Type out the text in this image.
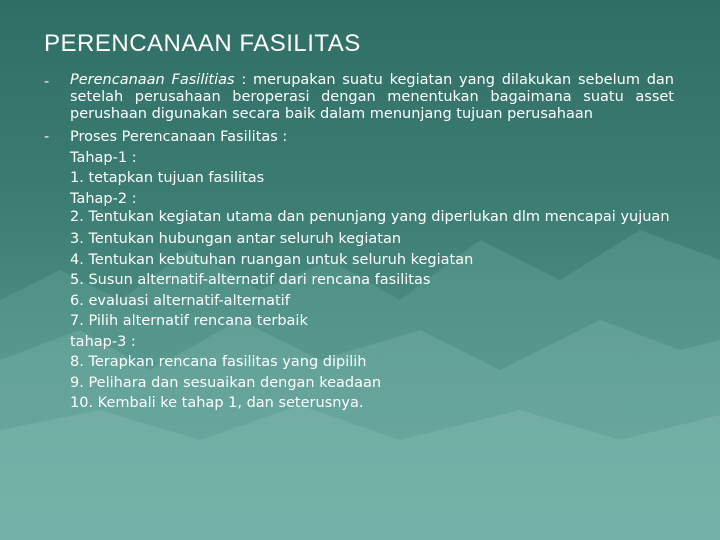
PERENCANAAN FASILITAS
- Perencanaan Fasilitias : merupakan suatu kegiatan yang dilakukan sebelum dan setelah perusahaan beroperasi dengan menentukan bagaimana suatu asset perushaan digunakan secara baik dalam menunjang tujuan perusahaan
- Proses Perencanaan Fasilitas :
Tahap-1 :
1. tetapkan tujuan fasilitas
Tahap-2 :
2. Tentukan kegiatan utama dan penunjang yang diperlukan dlm mencapai yujuan
3. Tentukan hubungan antar seluruh kegiatan
4. Tentukan kebutuhan ruangan untuk seluruh kegiatan
5. Susun alternatif-alternatif dari rencana fasilitas
6. evaluasi alternatif-alternatif
7. Pilih alternatif rencana terbaik
tahap-3 :
8. Terapkan rencana fasilitas yang dipilih
9. Pelihara dan sesuaikan dengan keadaan
10. Kembali ke tahap 1, dan seterusnya.
